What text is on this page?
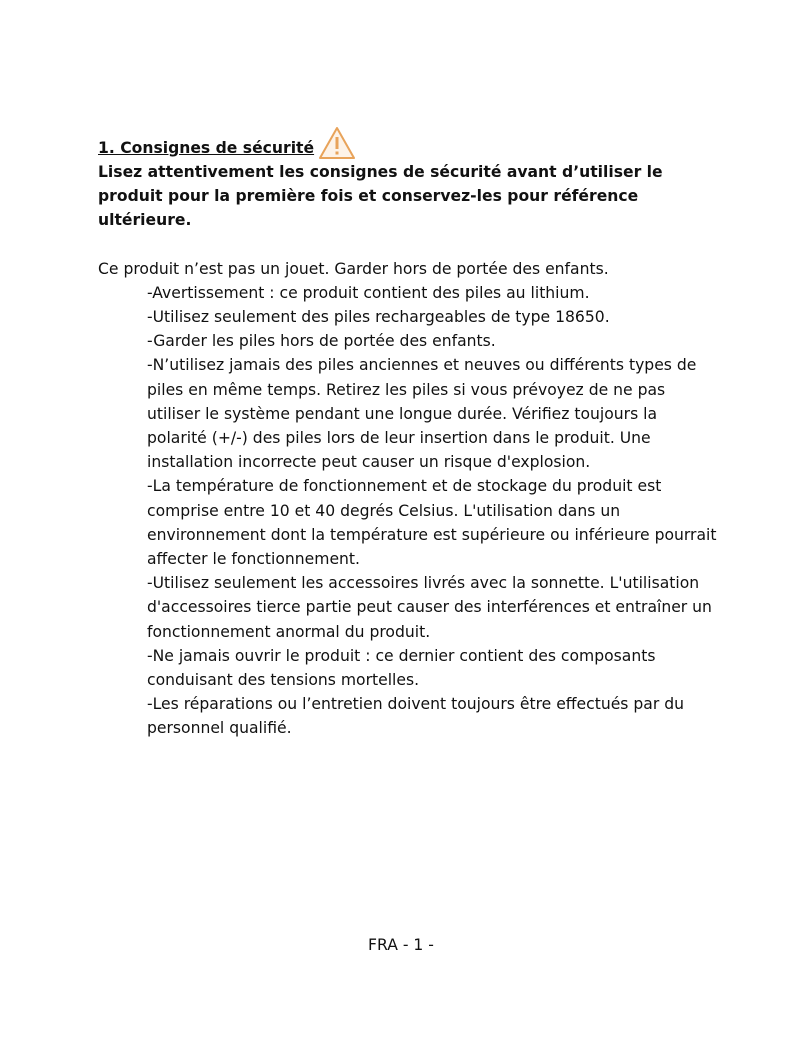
1. Consignes de sécurité

Lisez attentivement les consignes de sécurité avant d’utiliser le produit pour la première fois et conservez-les pour référence ultérieure.

Ce produit n’est pas un jouet. Garder hors de portée des enfants.

-Avertissement : ce produit contient des piles au lithium.

-Utilisez seulement des piles rechargeables de type 18650.

-Garder les piles hors de portée des enfants.

-N’utilisez jamais des piles anciennes et neuves ou différents types de piles en même temps. Retirez les piles si vous prévoyez de ne pas utiliser le système pendant une longue durée. Vérifiez toujours la polarité (+/-) des piles lors de leur insertion dans le produit. Une installation incorrecte peut causer un risque d'explosion.

-La température de fonctionnement et de stockage du produit est comprise entre 10 et 40 degrés Celsius. L'utilisation dans un environnement dont la température est supérieure ou inférieure pourrait affecter le fonctionnement.

-Utilisez seulement les accessoires livrés avec la sonnette. L'utilisation d'accessoires tierce partie peut causer des interférences et entraîner un fonctionnement anormal du produit.

-Ne jamais ouvrir le produit : ce dernier contient des composants conduisant des tensions mortelles.

-Les réparations ou l’entretien doivent toujours être effectués par du personnel qualifié.

FRA - 1 -
